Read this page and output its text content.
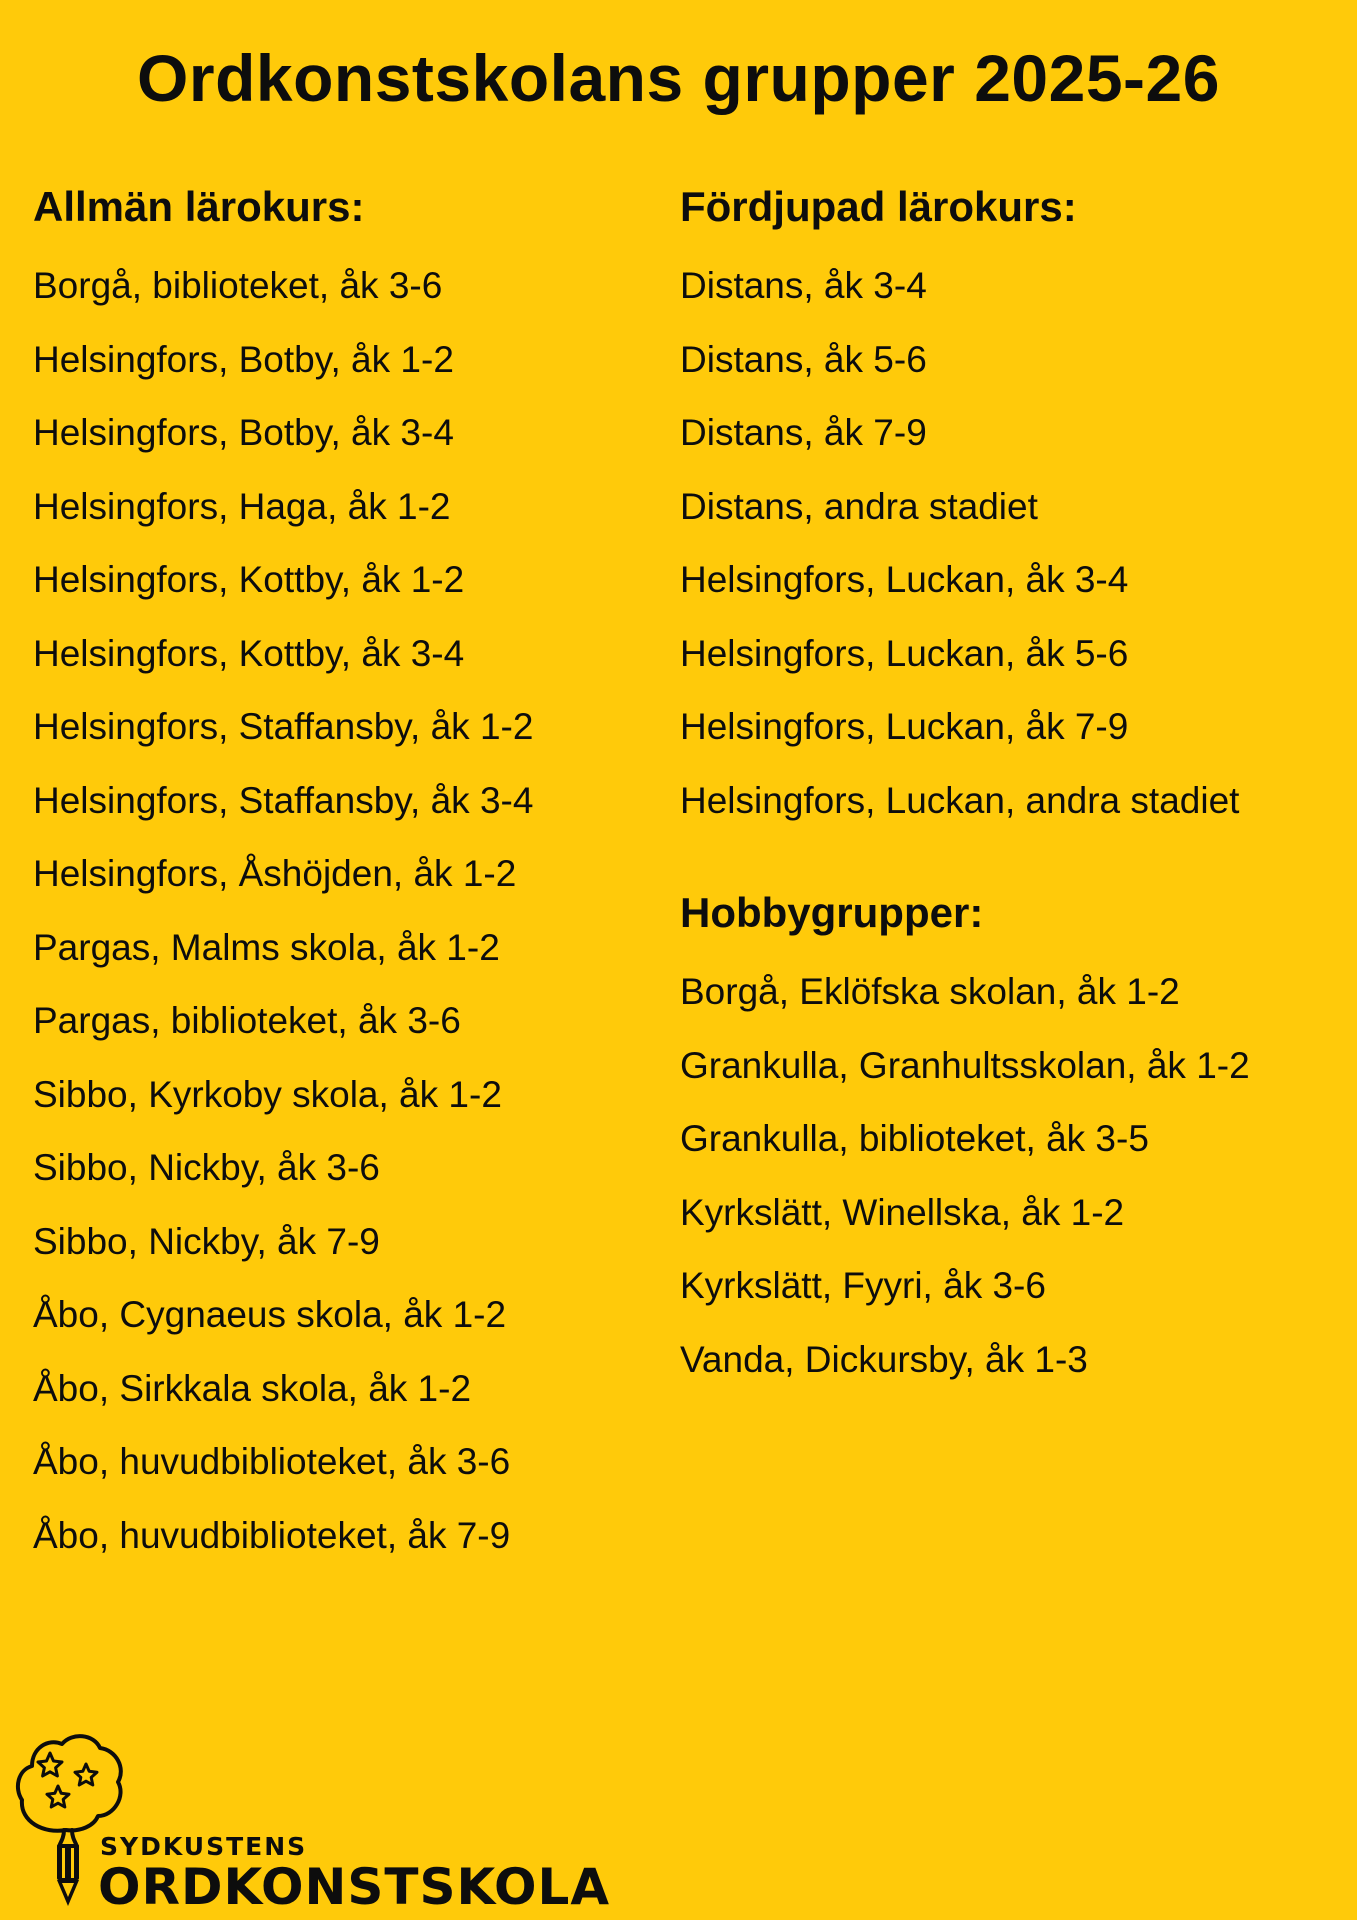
Ordkonstskolans grupper 2025-26
Allmän lärokurs:
Borgå, biblioteket, åk 3-6
Helsingfors, Botby, åk 1-2
Helsingfors, Botby, åk 3-4
Helsingfors, Haga, åk 1-2
Helsingfors, Kottby, åk 1-2
Helsingfors, Kottby, åk 3-4
Helsingfors, Staffansby, åk 1-2
Helsingfors, Staffansby, åk 3-4
Helsingfors, Åshöjden, åk 1-2
Pargas, Malms skola, åk 1-2
Pargas, biblioteket, åk 3-6
Sibbo, Kyrkoby skola, åk 1-2
Sibbo, Nickby, åk 3-6
Sibbo, Nickby, åk 7-9
Åbo, Cygnaeus skola, åk 1-2
Åbo, Sirkkala skola, åk 1-2
Åbo, huvudbiblioteket, åk 3-6
Åbo, huvudbiblioteket, åk 7-9
Fördjupad lärokurs:
Distans, åk 3-4
Distans, åk 5-6
Distans, åk 7-9
Distans, andra stadiet
Helsingfors, Luckan, åk 3-4
Helsingfors, Luckan, åk 5-6
Helsingfors, Luckan, åk 7-9
Helsingfors, Luckan, andra stadiet
Hobbygrupper:
Borgå, Eklöfska skolan, åk 1-2
Grankulla, Granhultsskolan, åk 1-2
Grankulla, biblioteket, åk 3-5
Kyrkslätt, Winellska, åk 1-2
Kyrkslätt, Fyyri, åk 3-6
Vanda, Dickursby, åk 1-3
SYDKUSTENS
ORDKONSTSKOLA
